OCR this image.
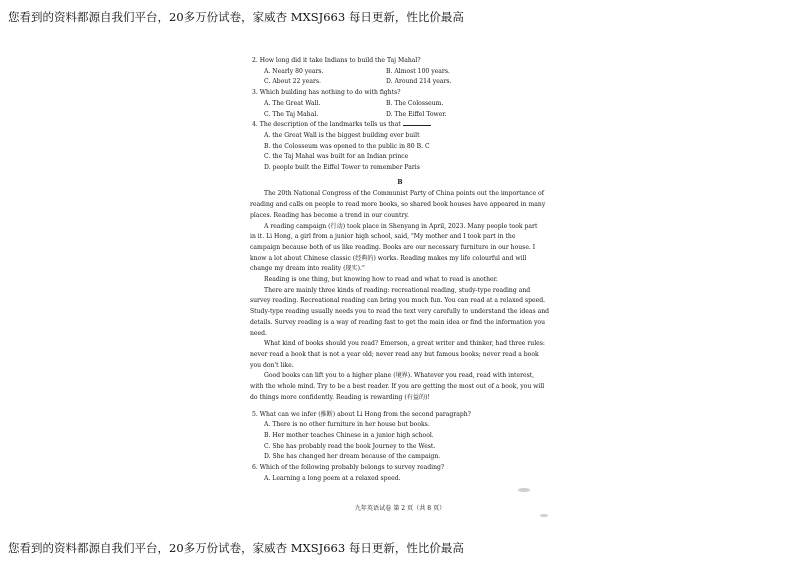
您看到的资料都源自我们平台，20多万份试卷，家威杏 MXSJ663 每日更新，性比价最高
2. How long did it take Indians to build the Taj Mahal?
A. Nearly 80 years.	B. Almost 100 years.
C. About 22 years.	D. Around 214 years.
3. Which building has nothing to do with fights?
A. The Great Wall.	B. The Colosseum.
C. The Taj Mahal.	D. The Eiffel Tower.
4. The description of the landmarks tells us that
A. the Great Wall is the biggest building ever built
B. the Colosseum was opened to the public in 80 B. C
C. the Taj Mahal was built for an Indian prince
D. people built the Eiffel Tower to remember Paris
B
The 20th National Congress of the Communist Party of China points out the importance of
reading and calls on people to read more books, so shared book houses have appeared in many
places. Reading has become a trend in our country.
A reading campaign (行动) took place in Shenyang in April, 2023. Many people took part
in it. Li Hong, a girl from a junior high school, said, "My mother and I took part in the
campaign because both of us like reading. Books are our necessary furniture in our house. I
know a lot about Chinese classic (经典的) works. Reading makes my life colourful and will
change my dream into reality (现实)."
Reading is one thing, but knowing how to read and what to read is another.
There are mainly three kinds of reading: recreational reading, study-type reading and
survey reading. Recreational reading can bring you much fun. You can read at a relaxed speed.
Study-type reading usually needs you to read the text very carefully to understand the ideas and
details. Survey reading is a way of reading fast to get the main idea or find the information you
need.
What kind of books should you read? Emerson, a great writer and thinker, had three rules:
never read a book that is not a year old; never read any but famous books; never read a book
you don't like.
Good books can lift you to a higher plane (境界). Whatever you read, read with interest,
with the whole mind. Try to be a best reader. If you are getting the most out of a book, you will
do things more confidently. Reading is rewarding (有益的)!
5. What can we infer (推断) about Li Hong from the second paragraph?
A. There is no other furniture in her house but books.
B. Her mother teaches Chinese in a junior high school.
C. She has probably read the book Journey to the West.
D. She has changed her dream because of the campaign.
6. Which of the following probably belongs to survey reading?
A. Learning a long poem at a relaxed speed.
九年英语试卷 第 2 页（共 8 页）
您看到的资料都源自我们平台，20多万份试卷，家威杏 MXSJ663 每日更新，性比价最高
